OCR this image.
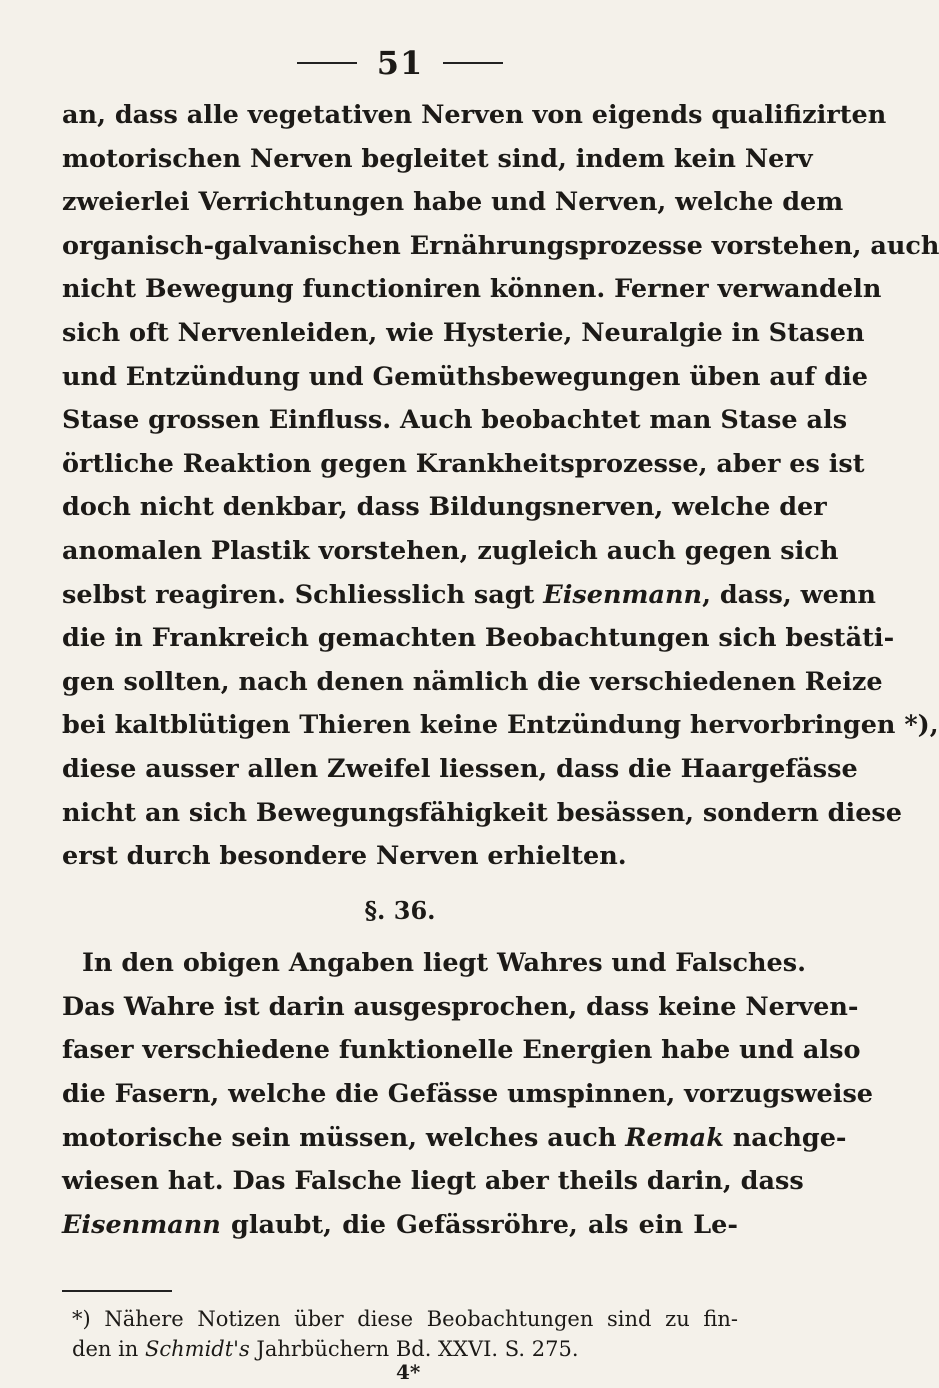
51
an, dass alle vegetativen Nerven von eigends qualifizirten
motorischen Nerven begleitet sind, indem kein Nerv
zweierlei Verrichtungen habe und Nerven, welche dem
organisch-galvanischen Ernährungsprozesse vorstehen, auch
nicht Bewegung functioniren können. Ferner verwandeln
sich oft Nervenleiden, wie Hysterie, Neuralgie in Stasen
und Entzündung und Gemüthsbewegungen üben auf die
Stase grossen Einfluss. Auch beobachtet man Stase als
örtliche Reaktion gegen Krankheitsprozesse, aber es ist
doch nicht denkbar, dass Bildungsnerven, welche der
anomalen Plastik vorstehen, zugleich auch gegen sich
selbst reagiren. Schliesslich sagt Eisenmann, dass, wenn
die in Frankreich gemachten Beobachtungen sich bestäti-
gen sollten, nach denen nämlich die verschiedenen Reize
bei kaltblütigen Thieren keine Entzündung hervorbringen *),
diese ausser allen Zweifel liessen, dass die Haargefässe
nicht an sich Bewegungsfähigkeit besässen, sondern diese
erst durch besondere Nerven erhielten.
§. 36.
In den obigen Angaben liegt Wahres und Falsches.
Das Wahre ist darin ausgesprochen, dass keine Nerven-
faser verschiedene funktionelle Energien habe und also
die Fasern, welche die Gefässe umspinnen, vorzugsweise
motorische sein müssen, welches auch Remak nachge-
wiesen hat. Das Falsche liegt aber theils darin, dass
Eisenmann glaubt, die Gefässröhre, als ein Le-
*) Nähere Notizen über diese Beobachtungen sind zu fin-
den in Schmidt's Jahrbüchern Bd. XXVI. S. 275.
4*
